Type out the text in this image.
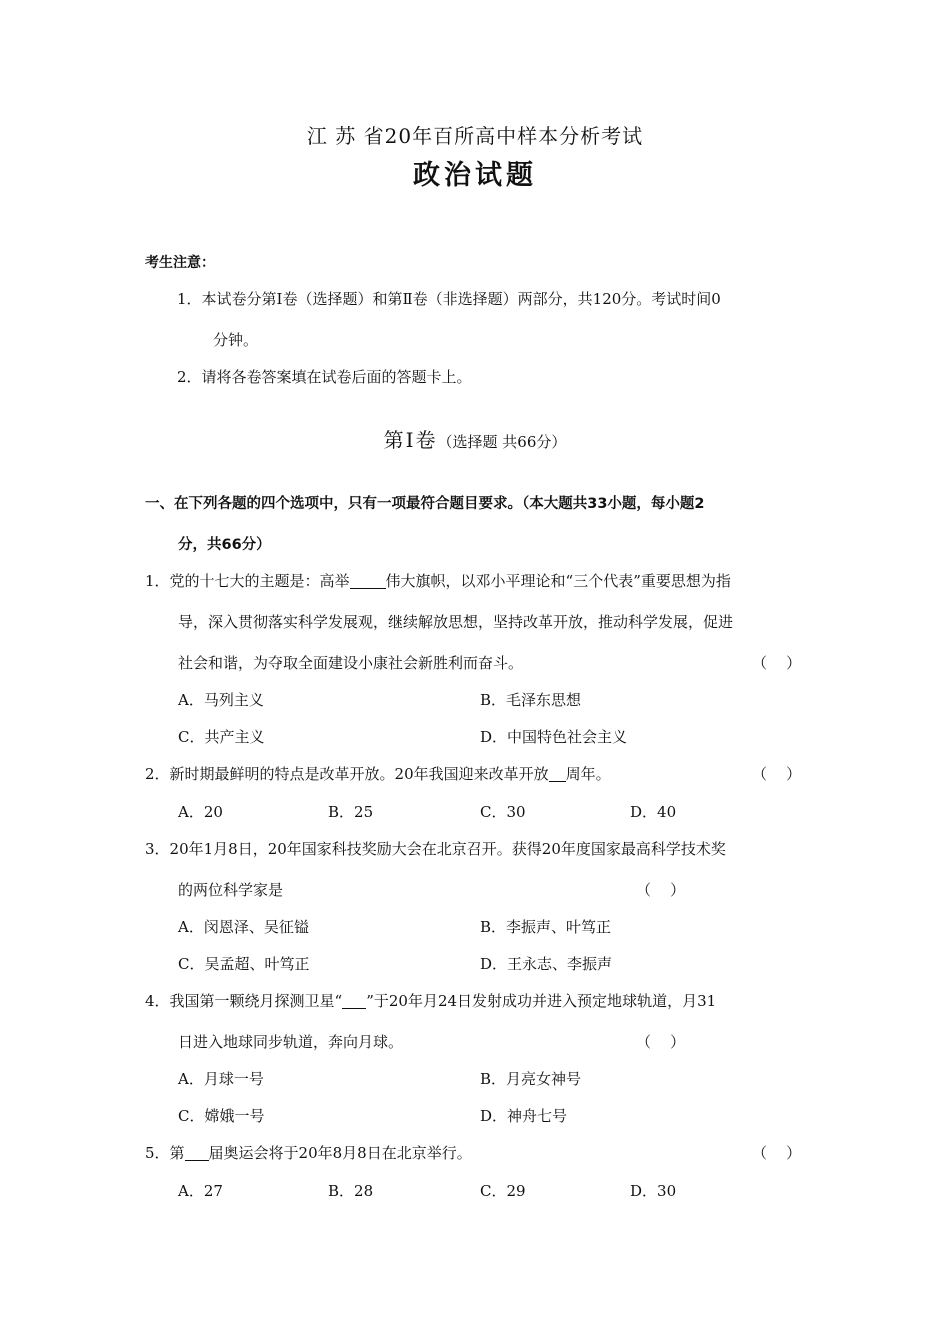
江 苏 省20年百所高中样本分析考试
政治试题
考生注意：
1．本试卷分第Ⅰ卷（选择题）和第Ⅱ卷（非选择题）两部分，共120分。考试时间0
分钟。
2．请将各卷答案填在试卷后面的答题卡上。
第Ⅰ卷（选择题 共66分）
一、在下列各题的四个选项中，只有一项最符合题目要求。（本大题共33小题，每小题2
分，共66分）
1．党的十七大的主题是：高举 伟大旗帜，以邓小平理论和“三个代表”重要思想为指
导，深入贯彻落实科学发展观，继续解放思想，坚持改革开放，推动科学发展，促进
社会和谐，为夺取全面建设小康社会新胜利而奋斗。	（    ）
A．马列主义	B．毛泽东思想
C．共产主义	D．中国特色社会主义
2．新时期最鲜明的特点是改革开放。20年我国迎来改革开放 周年。	（    ）
A．20	B．25	C．30	D．40
3．20年1月8日，20年国家科技奖励大会在北京召开。获得20年度国家最高科学技术奖
的两位科学家是	（    ）
A．闵恩泽、吴征镒	B．李振声、叶笃正
C．吴孟超、叶笃正	D．王永志、李振声
4．我国第一颗绕月探测卫星“ ”于20年月24日发射成功并进入预定地球轨道，月31
日进入地球同步轨道，奔向月球。	（    ）
A．月球一号	B．月亮女神号
C．嫦娥一号	D．神舟七号
5．第 届奥运会将于20年8月8日在北京举行。	（    ）
A．27	B．28	C．29	D．30
